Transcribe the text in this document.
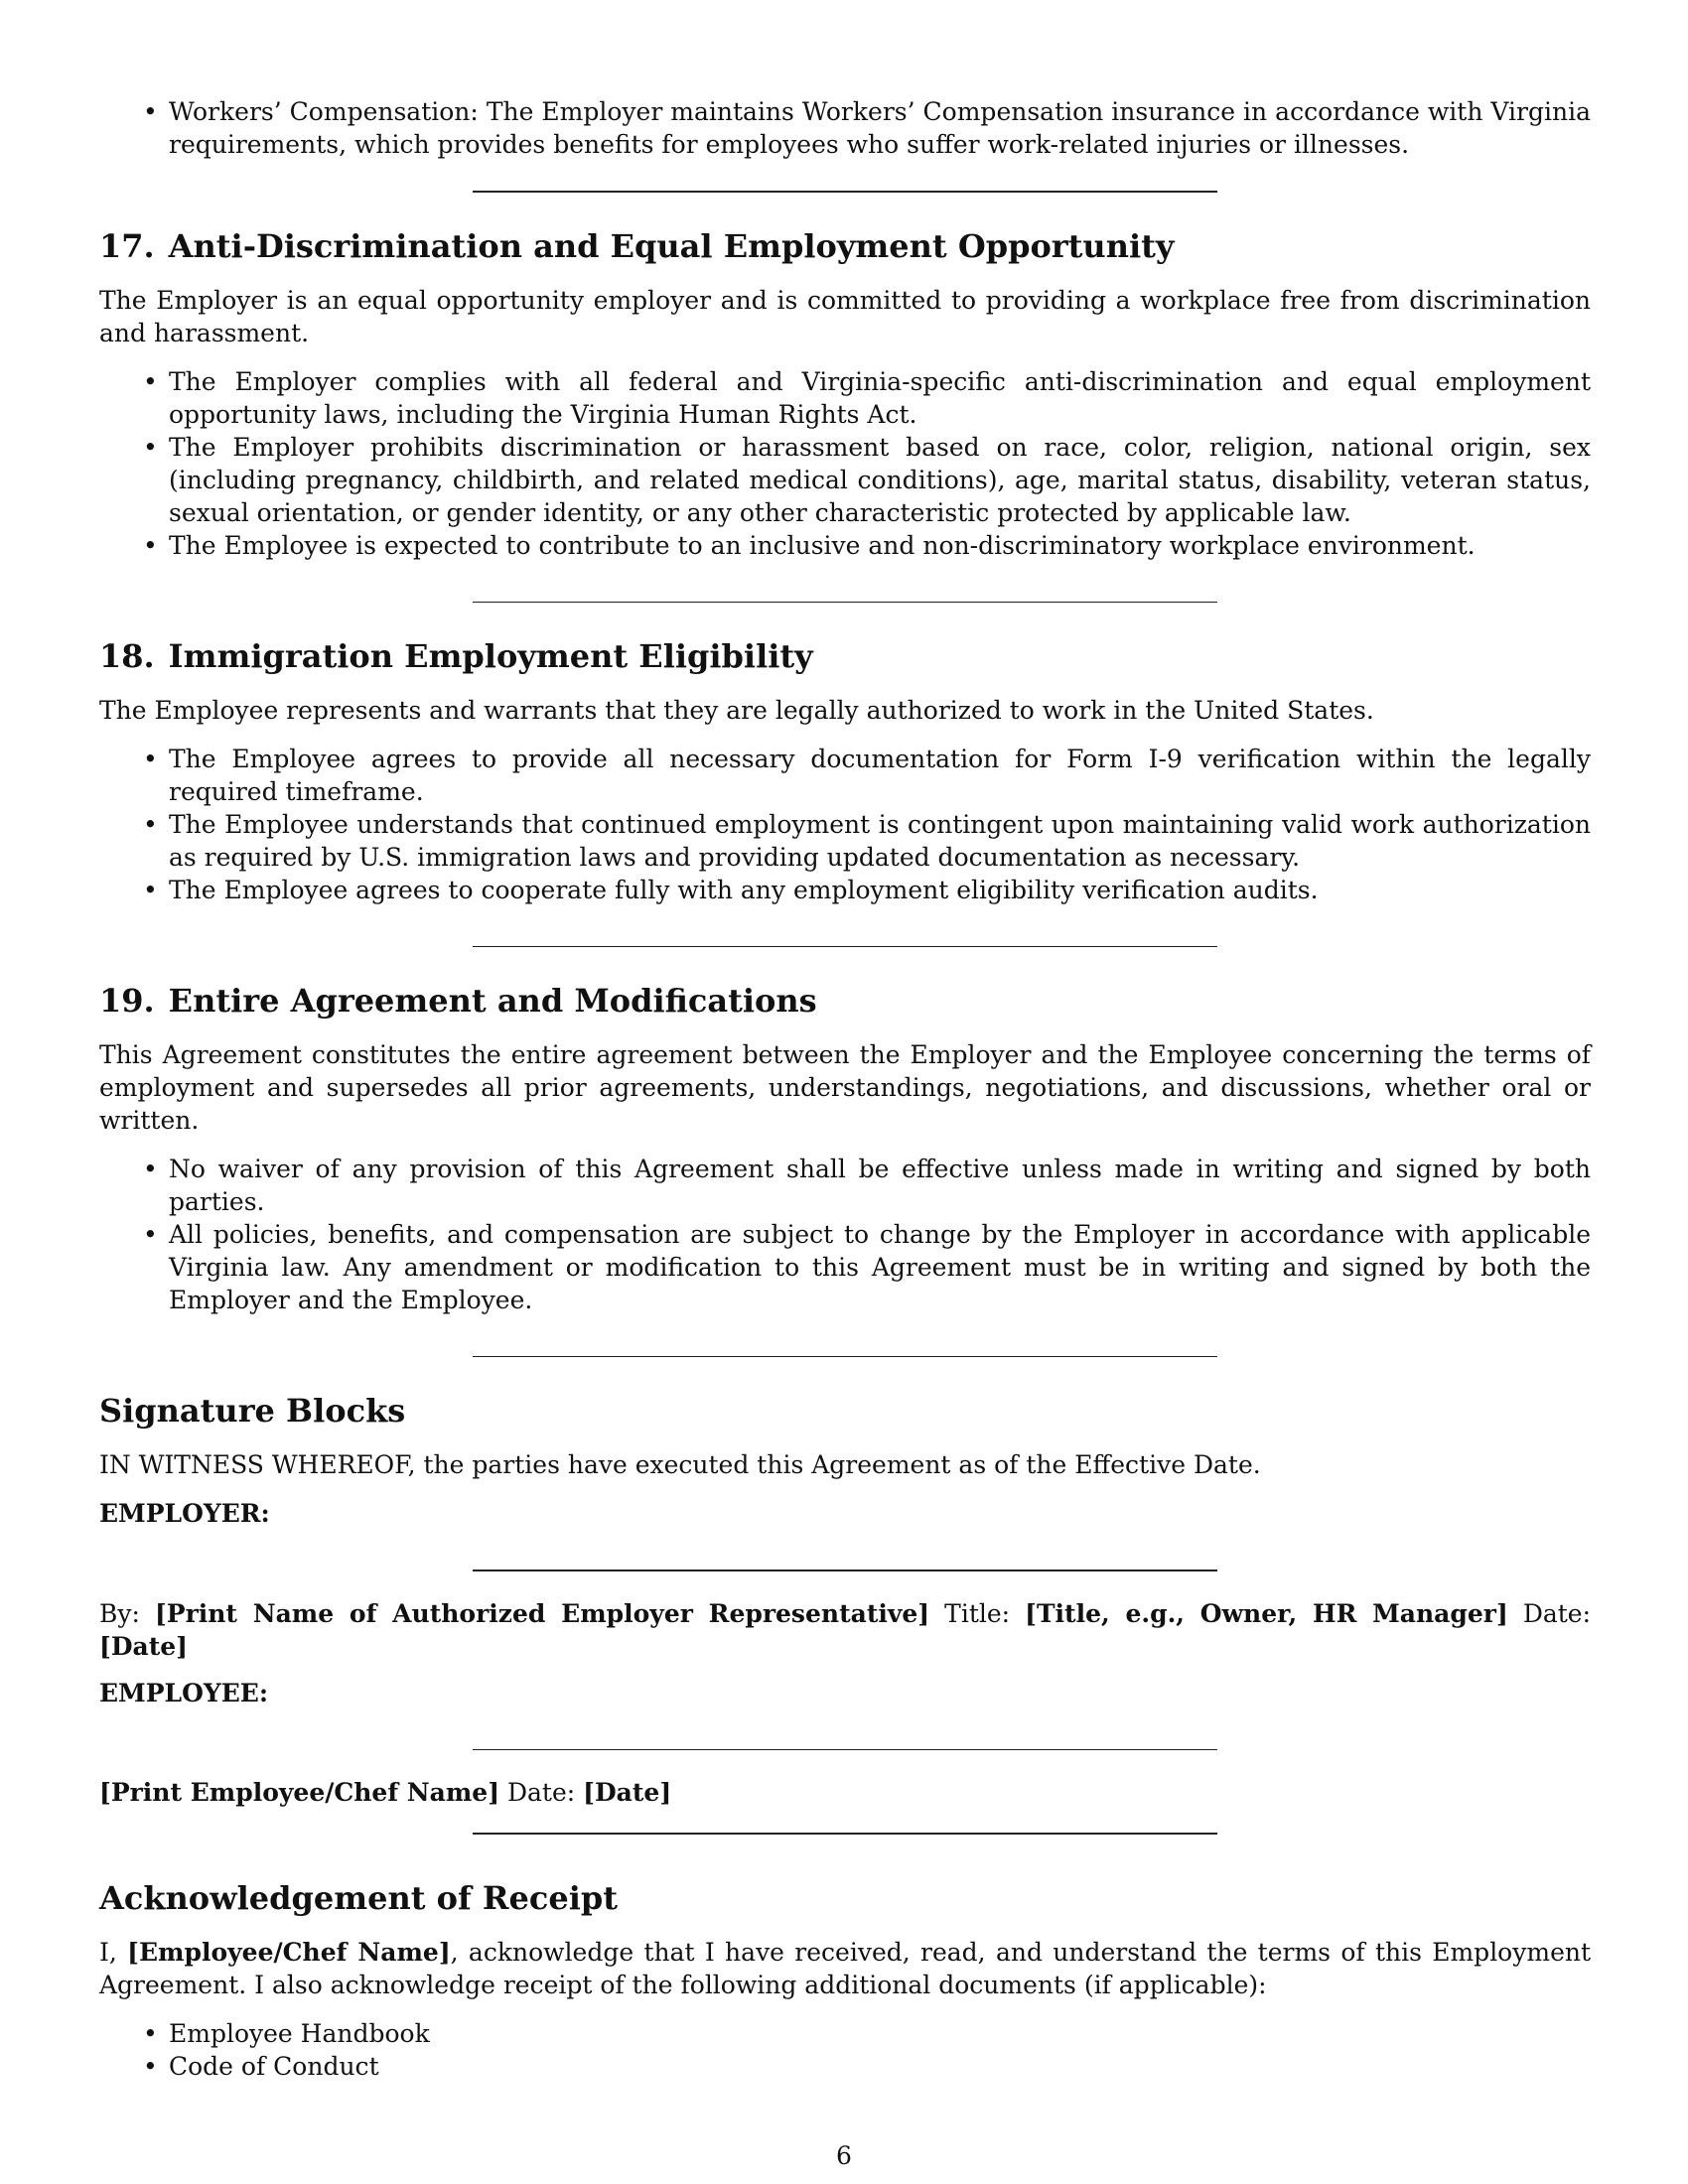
• Workers’ Compensation: The Employer maintains Workers’ Compensation insurance in accordance with Virginia requirements, which provides benefits for employees who suffer work-related injuries or illnesses.
17. Anti-Discrimination and Equal Employment Opportunity

The Employer is an equal opportunity employer and is committed to providing a workplace free from discrimination and harassment.

• The Employer complies with all federal and Virginia-specific anti-discrimination and equal employment opportunity laws, including the Virginia Human Rights Act.
• The Employer prohibits discrimination or harassment based on race, color, religion, national origin, sex (including pregnancy, childbirth, and related medical conditions), age, marital status, disability, veteran status, sexual orientation, or gender identity, or any other characteristic protected by applicable law.
• The Employee is expected to contribute to an inclusive and non-discriminatory workplace environment.
18. Immigration Employment Eligibility

The Employee represents and warrants that they are legally authorized to work in the United States.

• The Employee agrees to provide all necessary documentation for Form I-9 verification within the legally required timeframe.
• The Employee understands that continued employment is contingent upon maintaining valid work authorization as required by U.S. immigration laws and providing updated documentation as necessary.
• The Employee agrees to cooperate fully with any employment eligibility verification audits.
19. Entire Agreement and Modifications

This Agreement constitutes the entire agreement between the Employer and the Employee concerning the terms of employment and supersedes all prior agreements, understandings, negotiations, and discussions, whether oral or written.

• No waiver of any provision of this Agreement shall be effective unless made in writing and signed by both parties.
• All policies, benefits, and compensation are subject to change by the Employer in accordance with applicable Virginia law. Any amendment or modification to this Agreement must be in writing and signed by both the Employer and the Employee.
Signature Blocks

IN WITNESS WHEREOF, the parties have executed this Agreement as of the Effective Date.

EMPLOYER:

By: [Print Name of Authorized Employer Representative] Title: [Title, e.g., Owner, HR Manager] Date: [Date]

EMPLOYEE:

[Print Employee/Chef Name] Date: [Date]

Acknowledgement of Receipt

I, [Employee/Chef Name], acknowledge that I have received, read, and understand the terms of this Employment Agreement. I also acknowledge receipt of the following additional documents (if applicable):

• Employee Handbook
• Code of Conduct
6
